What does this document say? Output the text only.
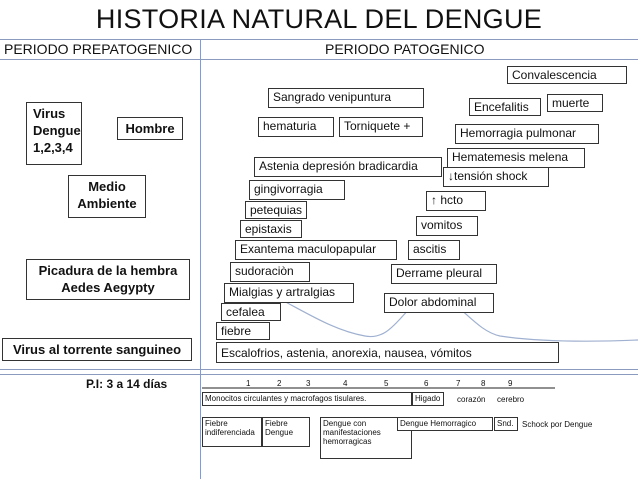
HISTORIA NATURAL DEL DENGUE
PERIODO PREPATOGENICO	PERIODO PATOGENICO
Virus
Dengue
1,2,3,4
Hombre
Medio
Ambiente
Picadura de la hembra
Aedes Aegypty
Virus al torrente sanguineo
Convalescencia
Sangrado venipuntura
Encefalitis	muerte
hematuria	Torniquete +	Hemorragia pulmonar
Hematemesis melena
Astenia depresión bradicardia
↓tensión shock
gingivorragia
↑ hcto
petequias
vomitos
epistaxis
Exantema maculopapular	ascitis
sudoraciòn	Derrame pleural
Mialgias y artralgias
Dolor abdominal
cefalea
fiebre
Escalofrios, astenia, anorexia, nausea, vómitos
P.I: 3 a 14 días	1	2	3	4	5	6	7	8	9
Monocitos circulantes y macrofagos tisulares.	Higado	corazón cerebro
Fiebre
indiferenciada
Fiebre
Dengue
Dengue con
manifestaciones
hemorragicas
Dengue Hemorragico	Snd.	Schock por Dengue
